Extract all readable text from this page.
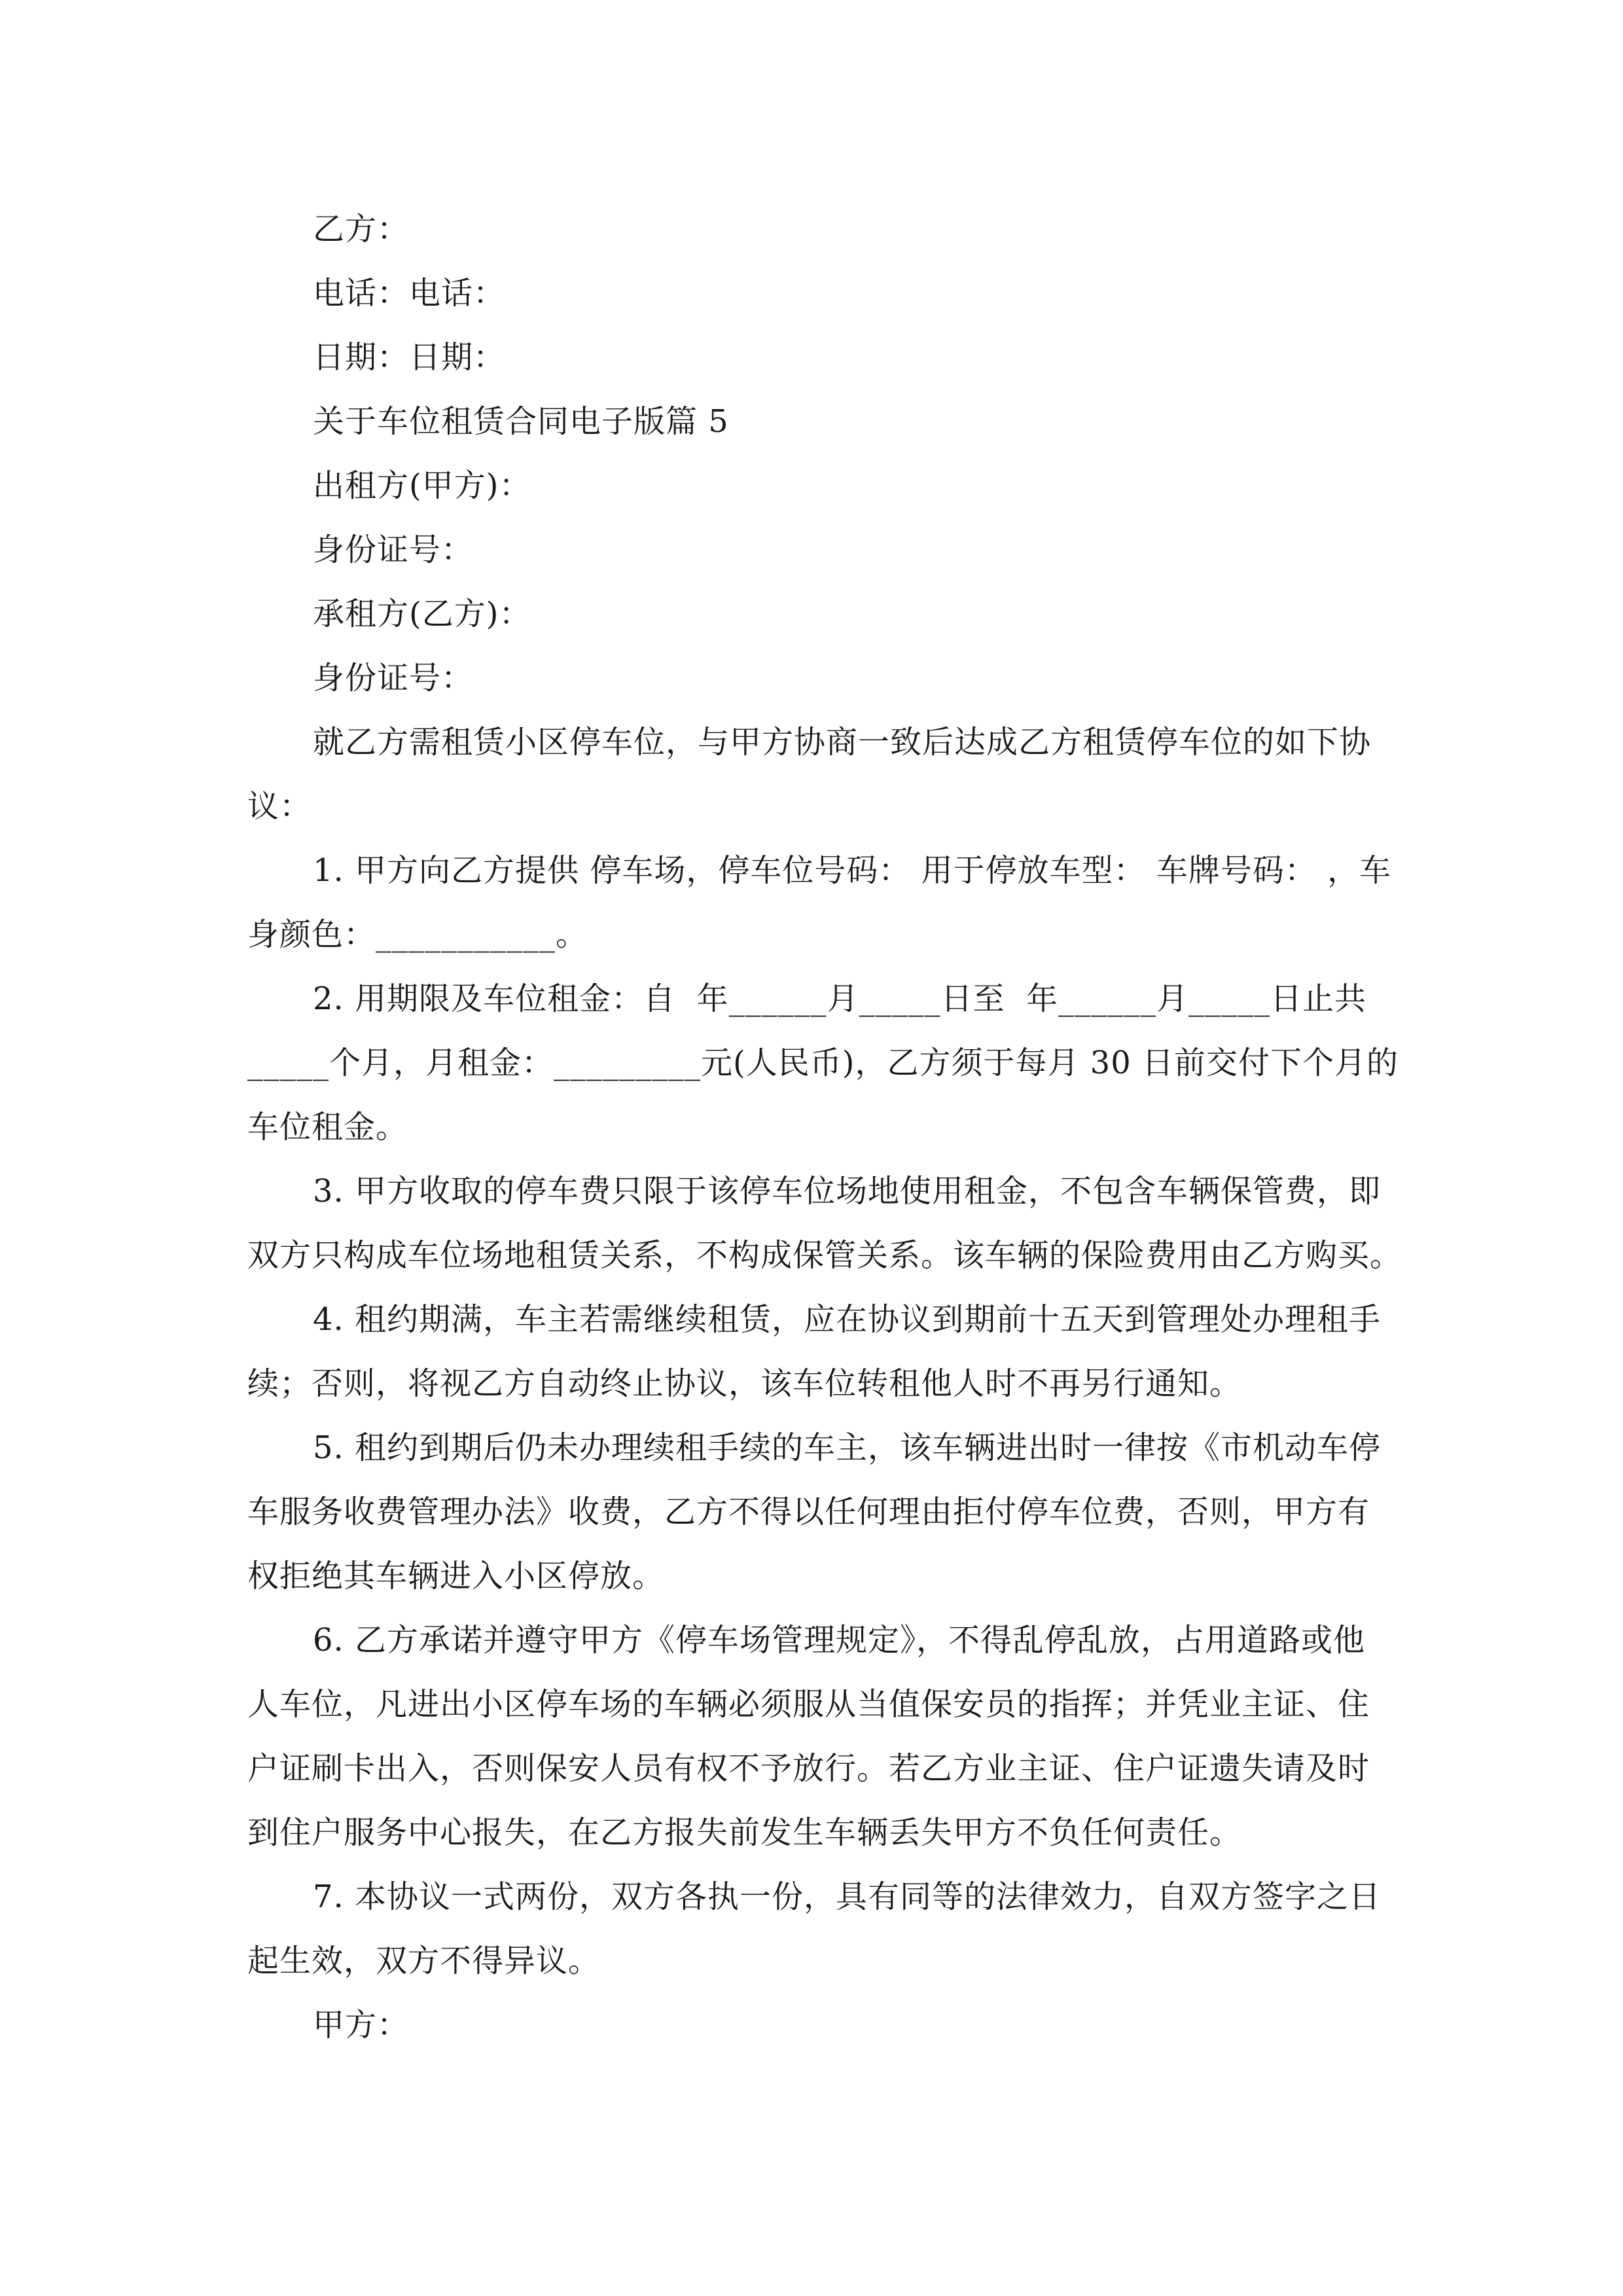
乙方：
电话：电话：
日期：日期：
关于车位租赁合同电子版篇 5
出租方(甲方)：
身份证号：
承租方(乙方)：
身份证号：
就乙方需租赁小区停车位，与甲方协商一致后达成乙方租赁停车位的如下协
议：
1. 甲方向乙方提供 停车场，停车位号码： 用于停放车型： 车牌号码： ，车
身颜色：___________。
2. 用期限及车位租金：自  年______月_____日至  年______月_____日止共
_____个月，月租金：_________元(人民币)，乙方须于每月 30 日前交付下个月的
车位租金。
3. 甲方收取的停车费只限于该停车位场地使用租金，不包含车辆保管费，即
双方只构成车位场地租赁关系，不构成保管关系。该车辆的保险费用由乙方购买。
4. 租约期满，车主若需继续租赁，应在协议到期前十五天到管理处办理租手
续；否则，将视乙方自动终止协议，该车位转租他人时不再另行通知。
5. 租约到期后仍未办理续租手续的车主，该车辆进出时一律按《市机动车停
车服务收费管理办法》收费，乙方不得以任何理由拒付停车位费，否则，甲方有
权拒绝其车辆进入小区停放。
6. 乙方承诺并遵守甲方《停车场管理规定》，不得乱停乱放，占用道路或他
人车位，凡进出小区停车场的车辆必须服从当值保安员的指挥；并凭业主证、住
户证刷卡出入，否则保安人员有权不予放行。若乙方业主证、住户证遗失请及时
到住户服务中心报失，在乙方报失前发生车辆丢失甲方不负任何责任。
7. 本协议一式两份，双方各执一份，具有同等的法律效力，自双方签字之日
起生效，双方不得异议。
甲方：
